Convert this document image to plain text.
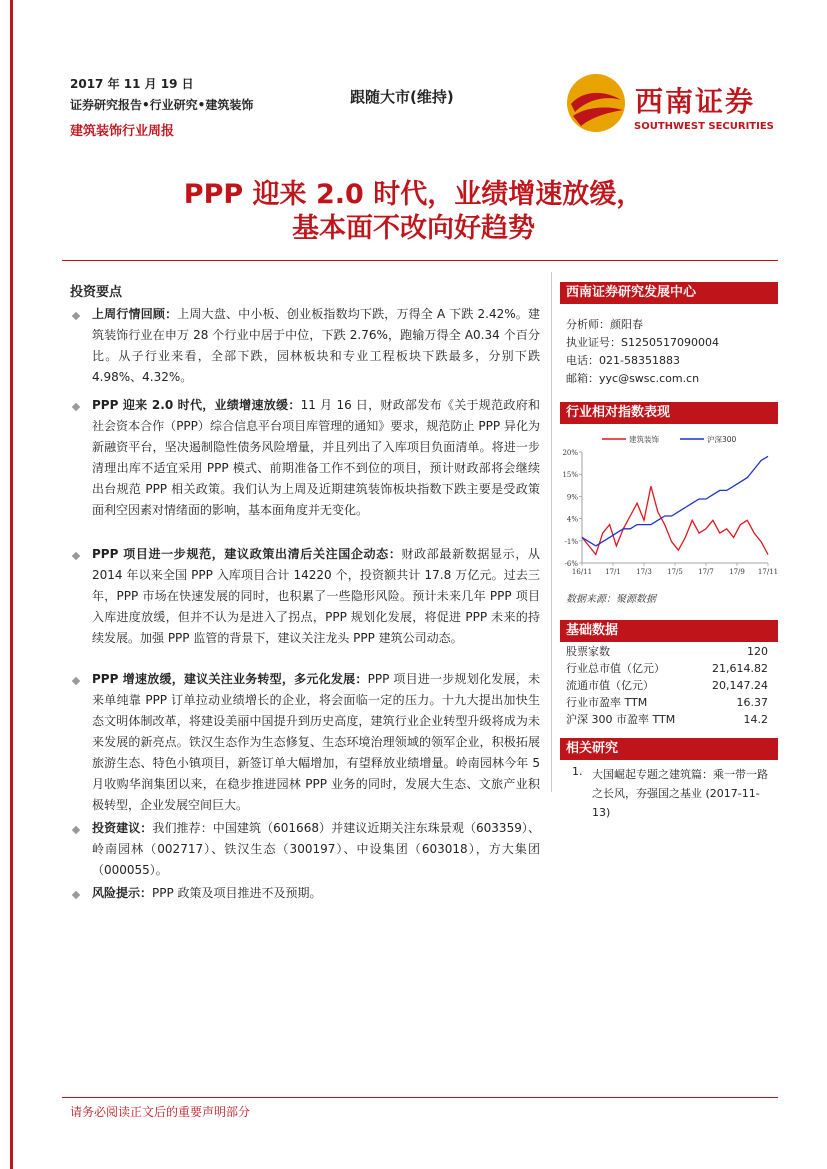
2017 年 11 月 19 日
证券研究报告•行业研究•建筑装饰
建筑装饰行业周报
跟随大市(维持)	西南证券
SOUTHWEST SECURITIES
PPP 迎来 2.0 时代，业绩增速放缓，
基本面不改向好趋势
投资要点
上周行情回顾：上周大盘、中小板、创业板指数均下跌，万得全 A 下跌 2.42%。建筑装饰行业在申万 28 个行业中居于中位，下跌 2.76%，跑输万得全 A0.34 个百分比。从子行业来看，全部下跌，园林板块和专业工程板块下跌最多，分别下跌 4.98%、4.32%。
PPP 迎来 2.0 时代，业绩增速放缓：11 月 16 日，财政部发布《关于规范政府和社会资本合作（PPP）综合信息平台项目库管理的通知》要求，规范防止 PPP 异化为新融资平台，坚决遏制隐性债务风险增量，并且列出了入库项目负面清单。将进一步清理出库不适宜采用 PPP 模式、前期准备工作不到位的项目，预计财政部将会继续出台规范 PPP 相关政策。我们认为上周及近期建筑装饰板块指数下跌主要是受政策面利空因素对情绪面的影响，基本面角度并无变化。
PPP 项目进一步规范，建议政策出清后关注国企动态：财政部最新数据显示，从 2014 年以来全国 PPP 入库项目合计 14220 个，投资额共计 17.8 万亿元。过去三年，PPP 市场在快速发展的同时，也积累了一些隐形风险。预计未来几年 PPP 项目入库进度放缓，但并不认为是进入了拐点，PPP 规划化发展，将促进 PPP 未来的持续发展。加强 PPP 监管的背景下，建议关注龙头 PPP 建筑公司动态。
PPP 增速放缓，建议关注业务转型，多元化发展：PPP 项目进一步规划化发展，未来单纯靠 PPP 订单拉动业绩增长的企业，将会面临一定的压力。十九大提出加快生态文明体制改革，将建设美丽中国提升到历史高度，建筑行业企业转型升级将成为未来发展的新亮点。铁汉生态作为生态修复、生态环境治理领域的领军企业，积极拓展旅游生态、特色小镇项目，新签订单大幅增加，有望释放业绩增量。岭南园林今年 5 月收购华润集团以来，在稳步推进园林 PPP 业务的同时，发展大生态、文旅产业积极转型，企业发展空间巨大。
投资建议：我们推荐：中国建筑（601668）并建议近期关注东珠景观（603359）、岭南园林（002717）、铁汉生态（300197）、中设集团（603018），方大集团（000055）。
风险提示：PPP 政策及项目推进不及预期。
西南证券研究发展中心
分析师：颜阳春
执业证号：S1250517090004
电话：021-58351883
邮箱：yyc@swsc.com.cn
行业相对指数表现
20%
15%
9%
4%
-1%
-6%
16/11 17/1 17/3 17/5 17/7 17/9 17/11
建筑装饰	沪深300
数据来源：聚源数据
基础数据
股票家数	120
行业总市值（亿元）	21,614.82
流通市值（亿元）	20,147.24
行业市盈率 TTM	16.37
沪深 300 市盈率 TTM	14.2
相关研究
1. 大国崛起专题之建筑篇：乘一带一路之长风，夯强国之基业 (2017-11-13)
请务必阅读正文后的重要声明部分
